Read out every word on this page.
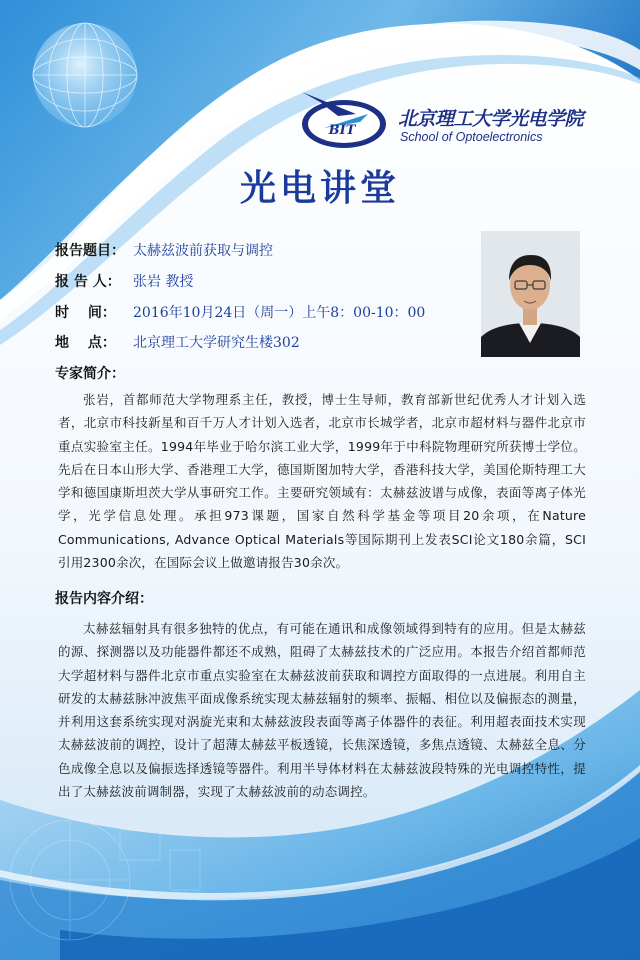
BIT
北京理工大学光电学院
School of Optoelectronics
光电讲堂
报告题目： 太赫兹波前获取与调控
报 告 人： 张岩 教授
时　 间： 2016年10月24日（周一）上午8：00-10：00
地　 点： 北京理工大学研究生楼302
专家简介：
张岩，首都师范大学物理系主任，教授，博士生导师，教育部新世纪优秀人才计划入选者，北京市科技新星和百千万人才计划入选者，北京市长城学者，北京市超材料与器件北京市重点实验室主任。1994年毕业于哈尔滨工业大学，1999年于中科院物理研究所获博士学位。先后在日本山形大学、香港理工大学，德国斯图加特大学，香港科技大学，美国伦斯特理工大学和德国康斯坦茨大学从事研究工作。主要研究领域有：太赫兹波谱与成像，表面等离子体光学，光学信息处理。承担973课题，国家自然科学基金等项目20余项，在Nature Communications, Advance Optical Materials等国际期刊上发表SCI论文180余篇，SCI引用2300余次，在国际会议上做邀请报告30余次。
报告内容介绍：
太赫兹辐射具有很多独特的优点，有可能在通讯和成像领域得到特有的应用。但是太赫兹的源、探测器以及功能器件都还不成熟，阻碍了太赫兹技术的广泛应用。本报告介绍首都师范大学超材料与器件北京市重点实验室在太赫兹波前获取和调控方面取得的一点进展。利用自主研发的太赫兹脉冲波焦平面成像系统实现太赫兹辐射的频率、振幅、相位以及偏振态的测量，并利用这套系统实现对涡旋光束和太赫兹波段表面等离子体器件的表征。利用超表面技术实现太赫兹波前的调控，设计了超薄太赫兹平板透镜，长焦深透镜，多焦点透镜、太赫兹全息、分色成像全息以及偏振选择透镜等器件。利用半导体材料在太赫兹波段特殊的光电调控特性，提出了太赫兹波前调制器，实现了太赫兹波前的动态调控。
